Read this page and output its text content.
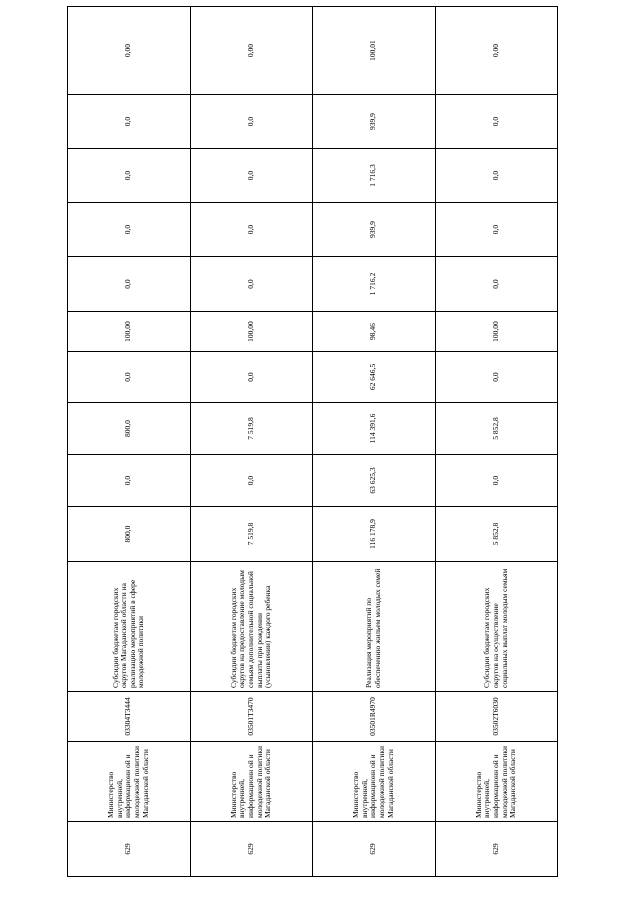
629	Министерство внутренней, информационн ой и молодежной политики Магаданской области	03304Т3444	Субсидии бюджетам городских округов Магаданской области на реализацию мероприятий в сфере молодежной политики	800,0	0,0	800,0	0,0	100,00	0,0	0,0	0,0	0,0	0,00
629	Министерство внутренней, информационн ой и молодежной политики Магаданской области	03501Т3470	Субсидии бюджетам городских округов на предоставление молодым семьям дополнительной социальной выплаты при рождении (усыновлении) каждого ребенка	7 519,8	0,0	7 519,8	0,0	100,00	0,0	0,0	0,0	0,0	0,00
629	Министерство внутренней, информационн ой и молодежной политики Магаданской области	03501R4970	Реализация мероприятий по обеспечению жильем молодых семей	116 178,9	63 625,3	114 391,6	62 646,5	98,46	1 716,2	939,9	1 716,3	939,9	100,01
629	Министерство внутренней, информационн ой и молодежной политики Магаданской области	03502Т6030	Субсидии бюджетам городских округов на осуществление социальных выплат молодым семьям	5 852,8	0,0	5 852,8	0,0	100,00	0,0	0,0	0,0	0,0	0,00
